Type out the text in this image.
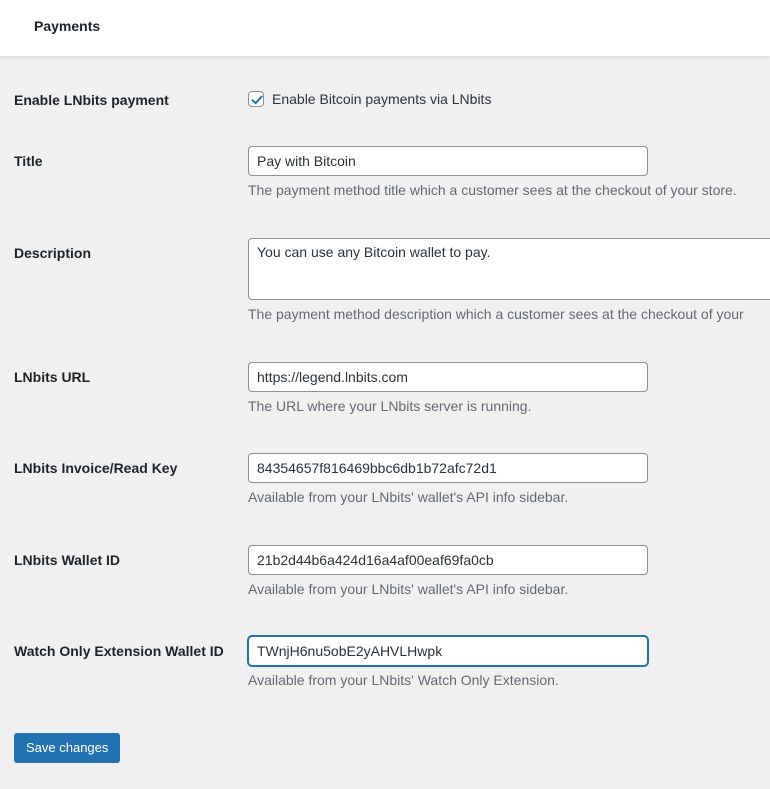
Payments
Enable LNbits payment	Enable Bitcoin payments via LNbits
Title	Pay with Bitcoin
The payment method title which a customer sees at the checkout of your store.
Description	You can use any Bitcoin wallet to pay.
The payment method description which a customer sees at the checkout of your
LNbits URL	https://legend.lnbits.com
The URL where your LNbits server is running.
LNbits Invoice/Read Key	84354657f816469bbc6db1b72afc72d1
Available from your LNbits' wallet's API info sidebar.
LNbits Wallet ID	21b2d44b6a424d16a4af00eaf69fa0cb
Available from your LNbits' wallet's API info sidebar.
Watch Only Extension Wallet ID	TWnjH6nu5obE2yAHVLHwpk
Available from your LNbits' Watch Only Extension.
Save changes
